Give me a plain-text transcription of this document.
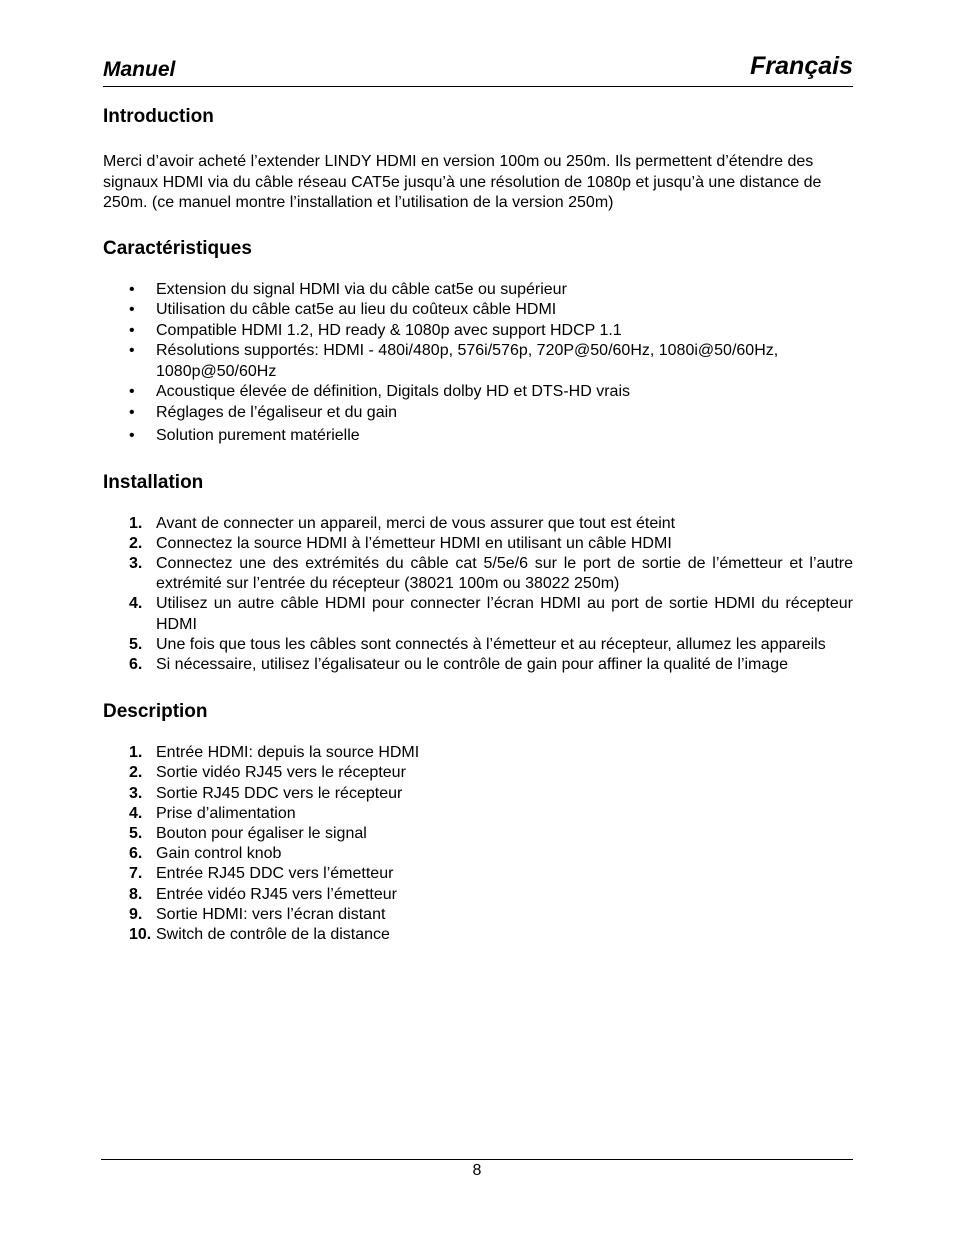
Manuel	Français
Introduction

Merci d’avoir acheté l’extender LINDY HDMI en version 100m ou 250m. Ils permettent d’étendre des signaux HDMI via du câble réseau CAT5e jusqu’à une résolution de 1080p et jusqu’à une distance de 250m. (ce manuel montre l’installation et l’utilisation de la version 250m)

Caractéristiques
• Extension du signal HDMI via du câble cat5e ou supérieur
• Utilisation du câble cat5e au lieu du coûteux câble HDMI
• Compatible HDMI 1.2, HD ready & 1080p avec support HDCP 1.1
• Résolutions supportés: HDMI - 480i/480p, 576i/576p, 720P@50/60Hz, 1080i@50/60Hz, 1080p@50/60Hz
• Acoustique élevée de définition, Digitals dolby HD et DTS-HD vrais
• Réglages de l’égaliseur et du gain
• Solution purement matérielle
Installation
1. Avant de connecter un appareil, merci de vous assurer que tout est éteint
2. Connectez la source HDMI à l’émetteur HDMI en utilisant un câble HDMI
3. Connectez une des extrémités du câble cat 5/5e/6 sur le port de sortie de l’émetteur et l’autre extrémité sur l’entrée du récepteur (38021 100m ou 38022 250m)
4. Utilisez un autre câble HDMI pour connecter l’écran HDMI au port de sortie HDMI du récepteur HDMI
5. Une fois que tous les câbles sont connectés à l’émetteur et au récepteur, allumez les appareils
6. Si nécessaire, utilisez l’égalisateur ou le contrôle de gain pour affiner la qualité de l’image
Description
1. Entrée HDMI: depuis la source HDMI
2. Sortie vidéo RJ45 vers le récepteur
3. Sortie RJ45 DDC vers le récepteur
4. Prise d’alimentation
5. Bouton pour égaliser le signal
6. Gain control knob
7. Entrée RJ45 DDC vers l’émetteur
8. Entrée vidéo RJ45 vers l’émetteur
9. Sortie HDMI: vers l’écran distant
10. Switch de contrôle de la distance
8
